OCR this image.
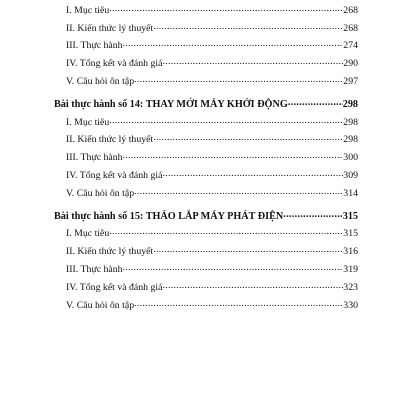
I. Mục tiêu .....	268
II. Kiến thức lý thuyết .....	268
III. Thực hành .....	274
IV. Tổng kết và đánh giá .....	290
V. Câu hỏi ôn tập .....	297
Bài thực hành số 14: THAY MỚI MÁY KHỞI ĐỘNG .....	298
I. Mục tiêu .....	298
II. Kiến thức lý thuyết .....	298
III. Thực hành .....	300
IV. Tổng kết và đánh giá .....	309
V. Câu hỏi ôn tập .....	314
Bài thực hành số 15: THÁO LẮP MÁY PHÁT ĐIỆN .....	315
I. Mục tiêu .....	315
II. Kiến thức lý thuyết .....	316
III. Thực hành .....	319
IV. Tổng kết và đánh giá .....	323
V. Câu hỏi ôn tập .....	330
